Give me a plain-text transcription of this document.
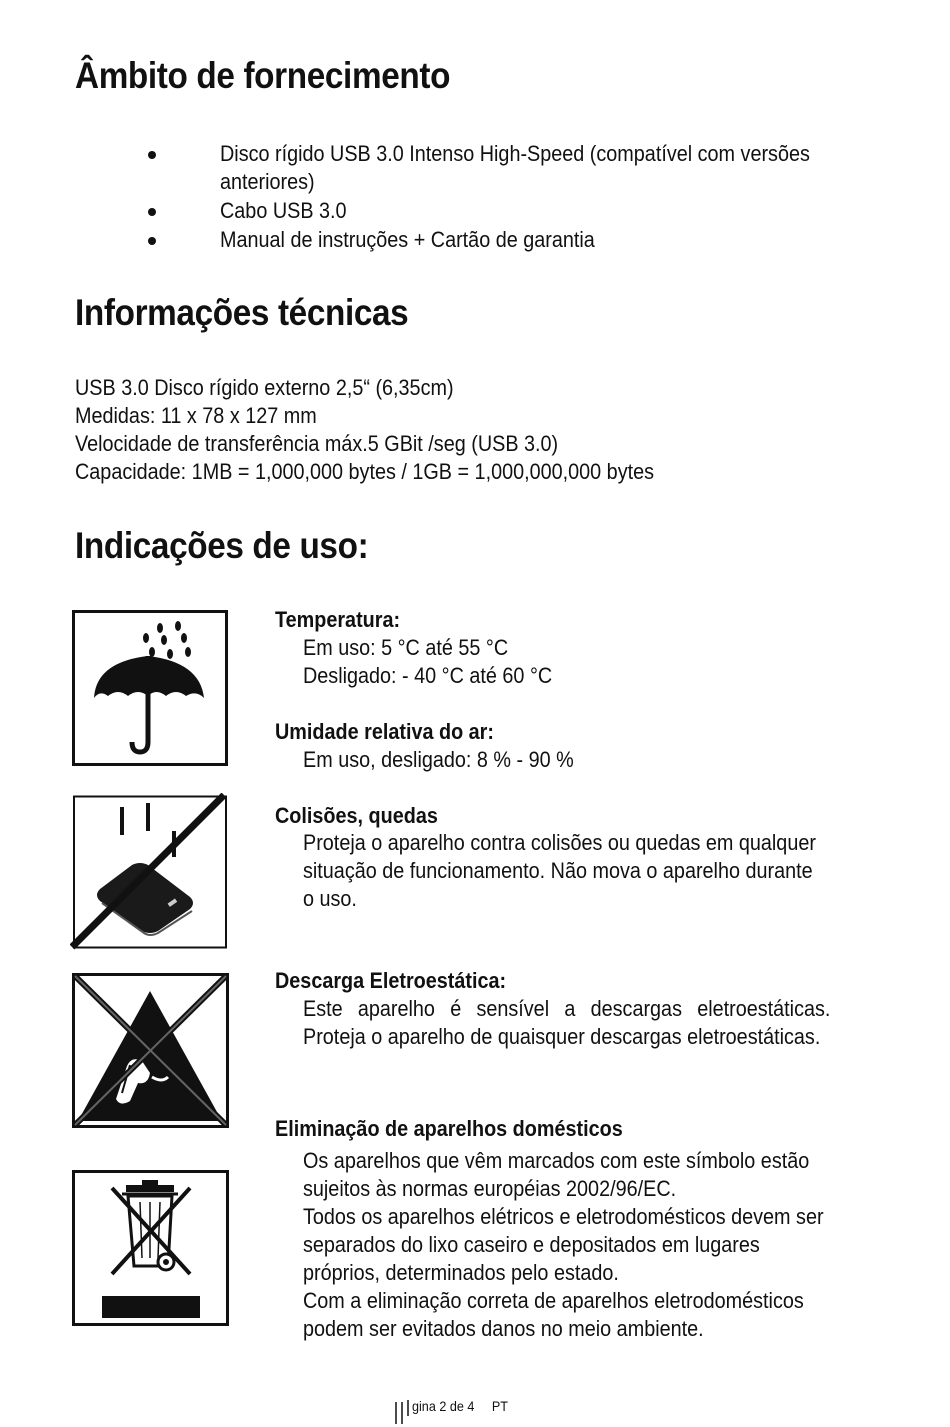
Âmbito de fornecimento
Disco rígido USB 3.0 Intenso High-Speed (compatível com versões
anteriores)
Cabo USB 3.0
Manual de instruções + Cartão de garantia
Informações técnicas
USB 3.0 Disco rígido externo 2,5“ (6,35cm)
Medidas: 11 x 78 x 127 mm
Velocidade de transferência máx.5 GBit /seg (USB 3.0)
Capacidade: 1MB = 1,000,000 bytes / 1GB = 1,000,000,000 bytes
Indicações de uso:
Temperatura:
Em uso: 5 °C até 55 °C
Desligado: - 40 °C até 60 °C
Umidade relativa do ar:
Em uso, desligado: 8 % - 90 %
Colisões, quedas
Proteja o aparelho contra colisões ou quedas em qualquer
situação de funcionamento. Não mova o aparelho durante
o uso.
Descarga Eletroestática:
Este aparelho é sensível a descargas eletroestáticas.
Proteja o aparelho de quaisquer descargas eletroestáticas.
Eliminação de aparelhos domésticos
Os aparelhos que vêm marcados com este símbolo estão
sujeitos às normas européias 2002/96/EC.
Todos os aparelhos elétricos e eletrodomésticos devem ser
separados do lixo caseiro e depositados em lugares
próprios, determinados pelo estado.
Com a eliminação correta de aparelhos eletrodomésticos
podem ser evitados danos no meio ambiente.
gina 2 de 4 PT
